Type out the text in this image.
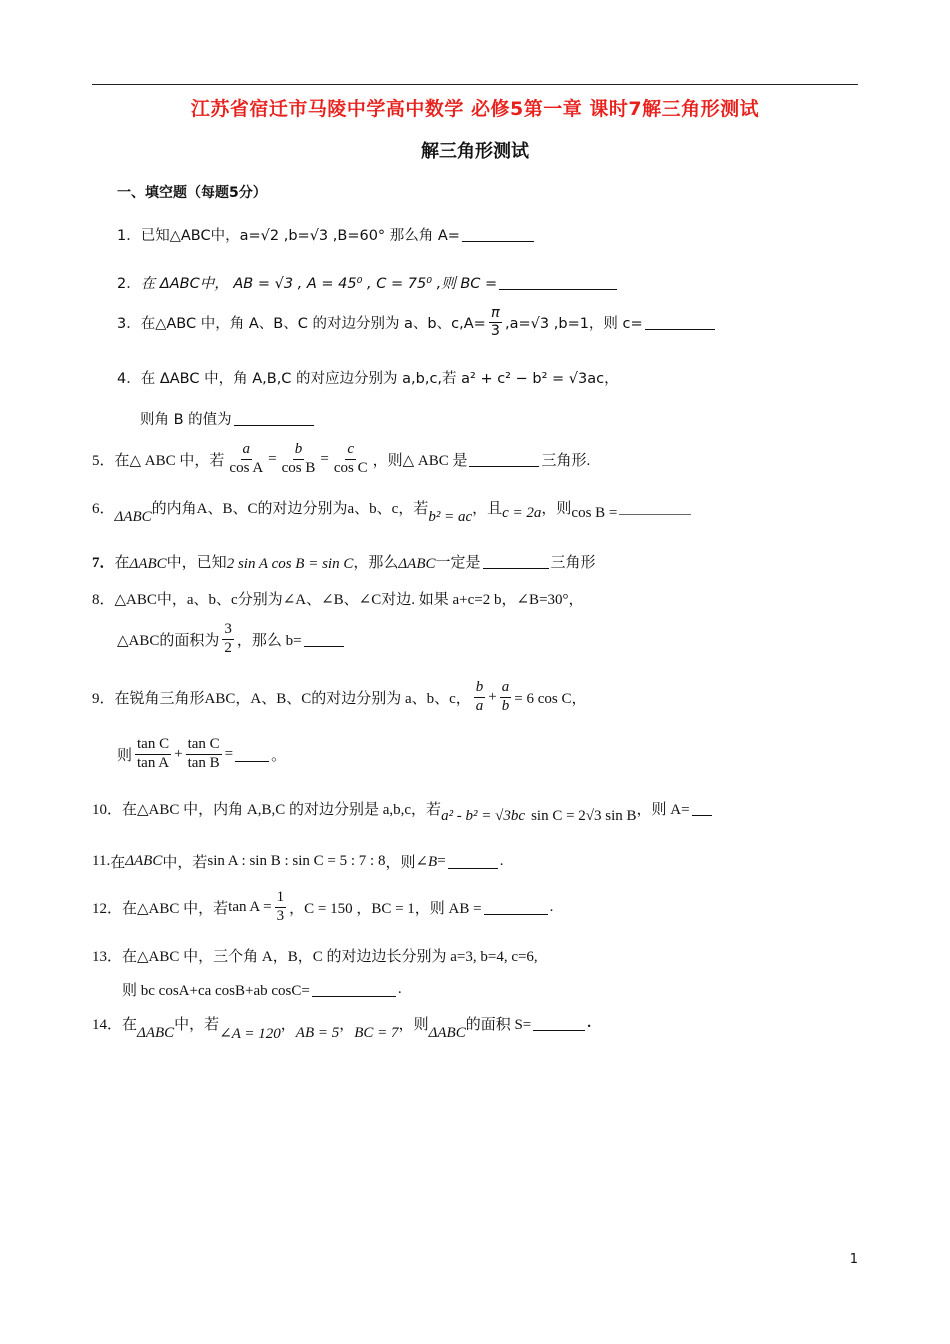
江苏省宿迁市马陵中学高中数学 必修5第一章 课时7解三角形测试
解三角形测试
一、填空题（每题5分）
1． 已知△ABC中，a=√2 ,b=√3 ,B=60° 那么角 A=
2． 在 ΔABC中， AB = √3 , A = 45⁰ , C = 75⁰ ,则 BC =
3． 在△ABC 中，角 A、B、C 的对边分别为 a、b、$c,A= \frac{\pi}{3} ,a=√3$ ,b=1，则 c=
4． 在 ΔABC 中，角 A,B,C 的对应边分别为 a,b,c,若 a² + c² − b² = √3ac，
则角 B 的值为
5． 在△ ABC 中，若 $\frac{a}{\text{cos A}} = \frac{b}{\text{cos B}} = \frac{c}{\text{cos C}}$ ，则△ ABC 是	三角形.
6． ΔABC 的内角A、B、C的对边分别为a、b、c，若 b² = ac ，且 c = 2a ，则 cos B =
7． 在 ΔABC 中，已知 2 sin A cos B = sin C ，那么 ΔABC 一定是	三角形
8． △ABC中，a、b、c分别为∠A、∠B、∠C对边. 如果 a+c=2 b，∠B=30°，
△ABC的面积为 $\frac{3}{2}$ ，那么 b=
9． 在锐角三角形ABC，A、B、C的对边分别为 a、b、c， $\frac{b}{a} + \frac{a}{b} = 6$ cos C，
则 $\frac{\text{tan C}}{\text{tan A}} + \frac{\text{tan C}}{\text{tan B}}$ =	。
10． 在△ABC 中，内角 A,B,C 的对边分别是 a,b,c，若 a² - b² = √3bc sin C = 2√3 sin B ，则 A=
11. 在 ΔABC 中，若 sin A : sin B : sin C = 5 : 7 : 8 ，则 ∠B =	.
12． 在△ABC 中，若 $\tan A = \frac{1}{3}$ ，C = 150 ，BC = 1，则 AB =	.
13． 在△ABC 中，三个角 A，B，C 的对边边长分别为 a=3, b=4, c=6,
则 bc cosA+ca cosB+ab cosC=	.
14． 在 ΔABC 中，若
∠A = 120
， AB = 5 ， BC = 7 ，则 ΔABC 的面积 S=	.
1
